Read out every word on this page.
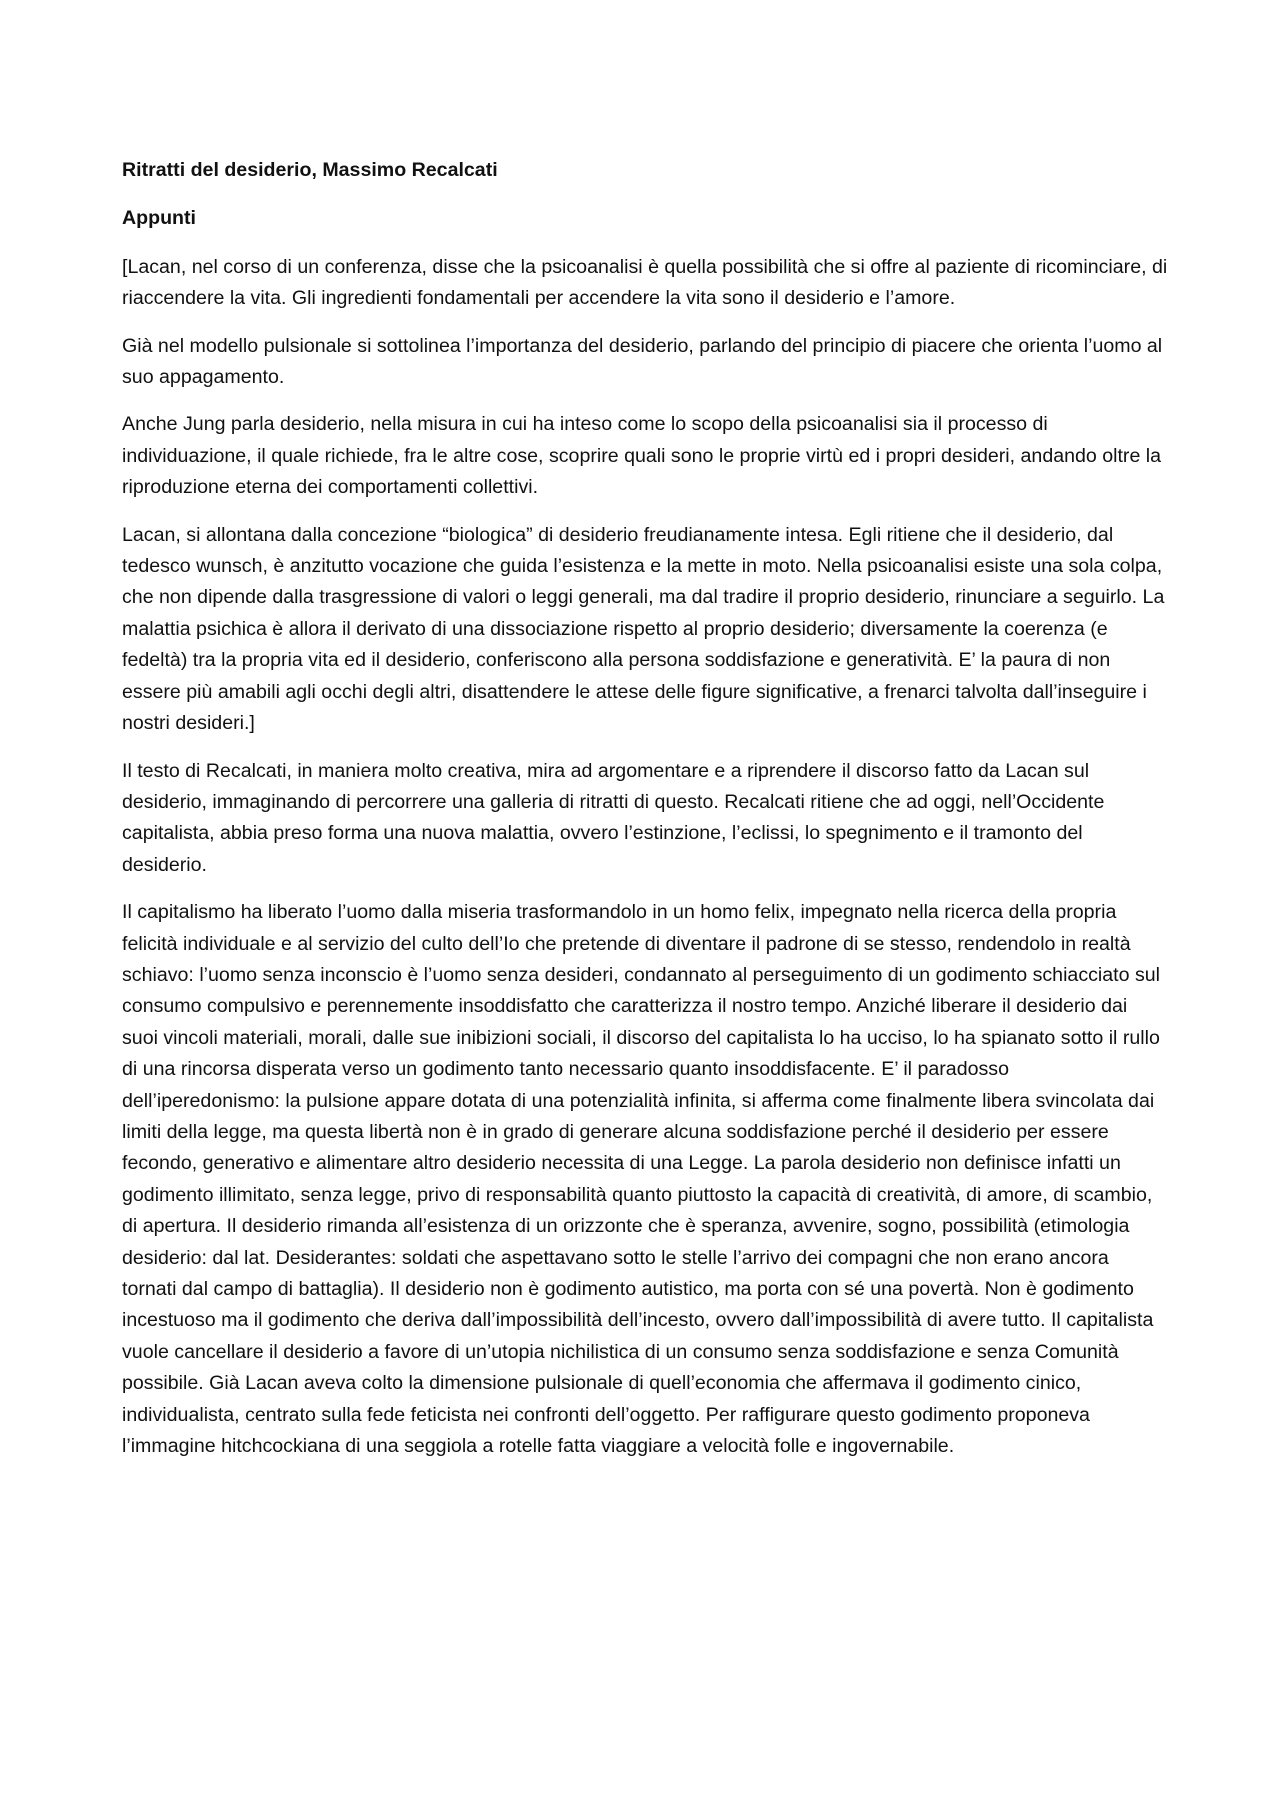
Ritratti del desiderio, Massimo Recalcati

Appunti

[Lacan, nel corso di un conferenza, disse che la psicoanalisi è quella possibilità che si offre al paziente di ricominciare, di riaccendere la vita. Gli ingredienti fondamentali per accendere la vita sono il desiderio e l’amore.

Già nel modello pulsionale si sottolinea l’importanza del desiderio, parlando del principio di piacere che orienta l’uomo al suo appagamento.

Anche Jung parla desiderio, nella misura in cui ha inteso come lo scopo della psicoanalisi sia il processo di individuazione, il quale richiede, fra le altre cose, scoprire quali sono le proprie virtù ed i propri desideri, andando oltre la riproduzione eterna dei comportamenti collettivi.

Lacan, si allontana dalla concezione “biologica” di desiderio freudianamente intesa. Egli ritiene che il desiderio, dal tedesco wunsch, è anzitutto vocazione che guida l’esistenza e la mette in moto. Nella psicoanalisi esiste una sola colpa, che non dipende dalla trasgressione di valori o leggi generali, ma dal tradire il proprio desiderio, rinunciare a seguirlo. La malattia psichica è allora il derivato di una dissociazione rispetto al proprio desiderio; diversamente la coerenza (e fedeltà) tra la propria vita ed il desiderio, conferiscono alla persona soddisfazione e generatività. E’ la paura di non essere più amabili agli occhi degli altri, disattendere le attese delle figure significative, a frenarci talvolta dall’inseguire i nostri desideri.]

Il testo di Recalcati, in maniera molto creativa, mira ad argomentare e a riprendere il discorso fatto da Lacan sul desiderio, immaginando di percorrere una galleria di ritratti di questo. Recalcati ritiene che ad oggi, nell’Occidente capitalista, abbia preso forma una nuova malattia, ovvero l’estinzione, l’eclissi, lo spegnimento e il tramonto del desiderio.

Il capitalismo ha liberato l’uomo dalla miseria trasformandolo in un homo felix, impegnato nella ricerca della propria felicità individuale e al servizio del culto dell’Io che pretende di diventare il padrone di se stesso, rendendolo in realtà schiavo: l’uomo senza inconscio è l’uomo senza desideri, condannato al perseguimento di un godimento schiacciato sul consumo compulsivo e perennemente insoddisfatto che caratterizza il nostro tempo. Anziché liberare il desiderio dai suoi vincoli materiali, morali, dalle sue inibizioni sociali, il discorso del capitalista lo ha ucciso, lo ha spianato sotto il rullo di una rincorsa disperata verso un godimento tanto necessario quanto insoddisfacente. E’ il paradosso dell’iperedonismo: la pulsione appare dotata di una potenzialità infinita, si afferma come finalmente libera svincolata dai limiti della legge, ma questa libertà non è in grado di generare alcuna soddisfazione perché il desiderio per essere fecondo, generativo e alimentare altro desiderio necessita di una Legge. La parola desiderio non definisce infatti un godimento illimitato, senza legge, privo di responsabilità quanto piuttosto la capacità di creatività, di amore, di scambio, di apertura. Il desiderio rimanda all’esistenza di un orizzonte che è speranza, avvenire, sogno, possibilità (etimologia desiderio: dal lat. Desiderantes: soldati che aspettavano sotto le stelle l’arrivo dei compagni che non erano ancora tornati dal campo di battaglia). Il desiderio non è godimento autistico, ma porta con sé una povertà. Non è godimento incestuoso ma il godimento che deriva dall’impossibilità dell’incesto, ovvero dall’impossibilità di avere tutto. Il capitalista vuole cancellare il desiderio a favore di un’utopia nichilistica di un consumo senza soddisfazione e senza Comunità possibile. Già Lacan aveva colto la dimensione pulsionale di quell’economia che affermava il godimento cinico, individualista, centrato sulla fede feticista nei confronti dell’oggetto. Per raffigurare questo godimento proponeva l’immagine hitchcockiana di una seggiola a rotelle fatta viaggiare a velocità folle e ingovernabile.
